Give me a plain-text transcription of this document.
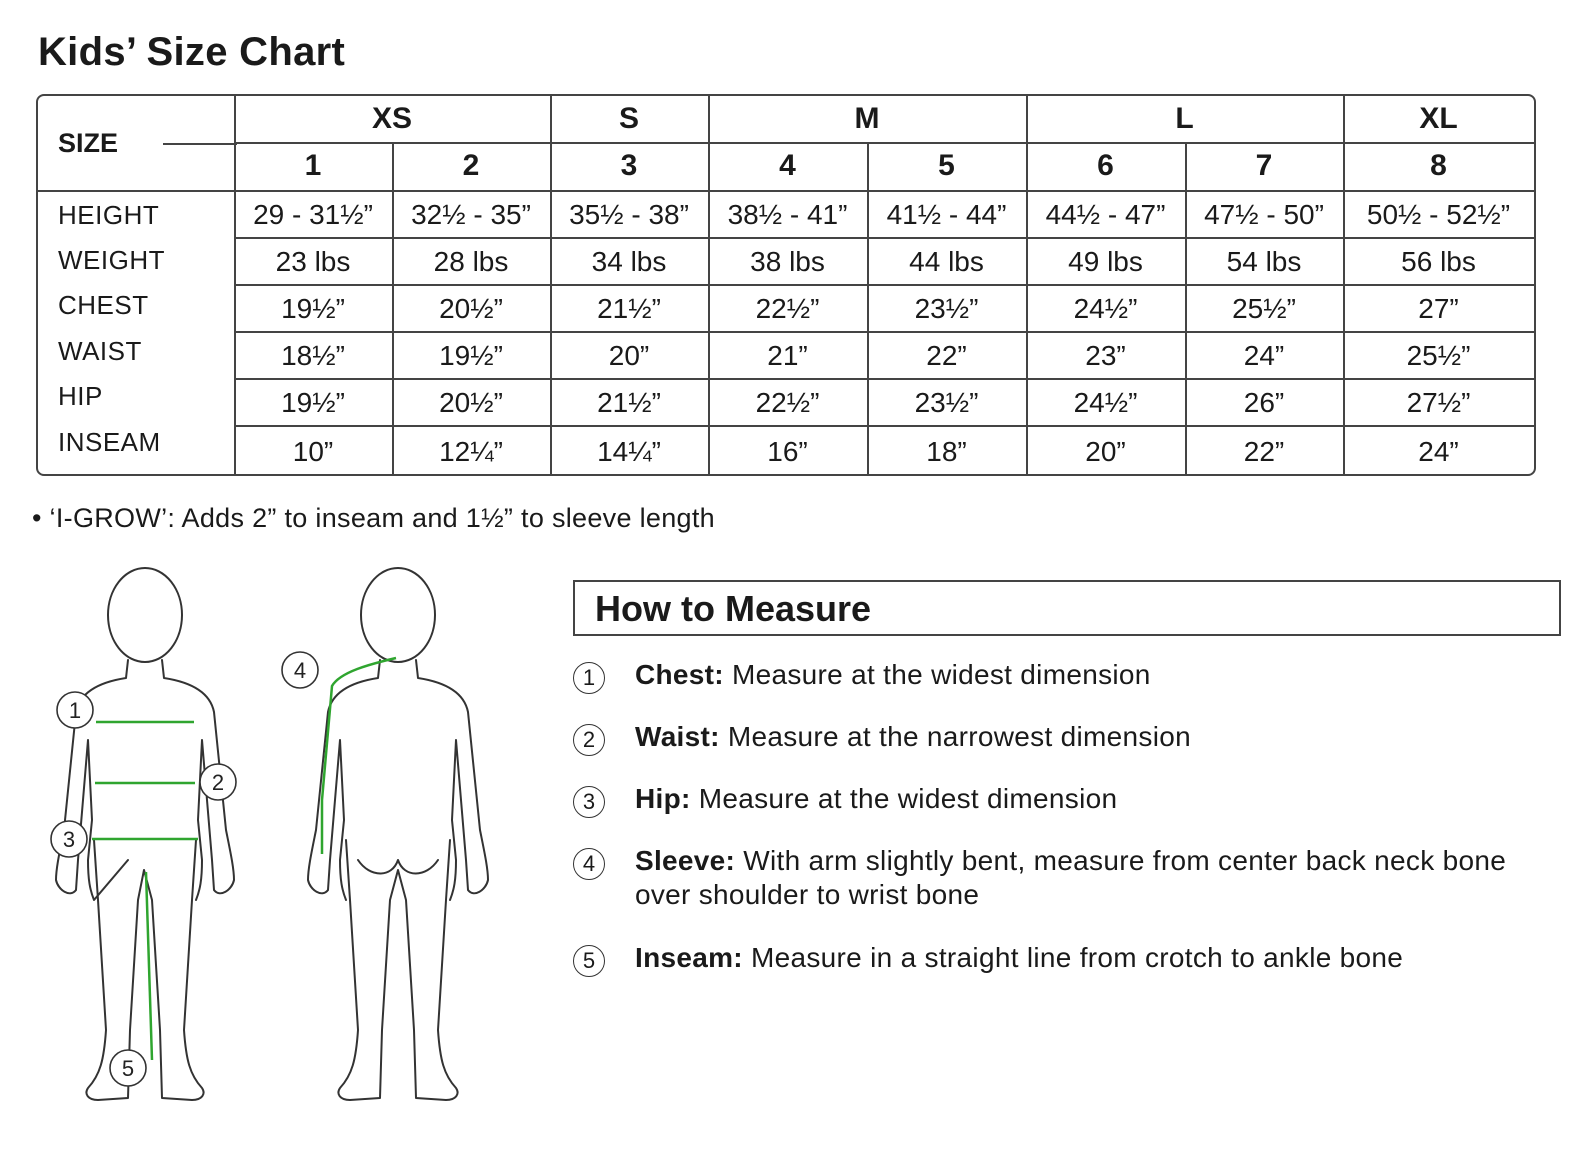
Kids’ Size Chart
SIZE
XS	S	M	L	XL
1	2	3	4	5	6	7	8
HEIGHT	29 - 31½”	32½ - 35”	35½ - 38”	38½ - 41”	41½ - 44”	44½ - 47”	47½ - 50”	50½ - 52½”
WEIGHT	23 lbs	28 lbs	34 lbs	38 lbs	44 lbs	49 lbs	54 lbs	56 lbs
CHEST	19½”	20½”	21½”	22½”	23½”	24½”	25½”	27”
WAIST	18½”	19½”	20”	21”	22”	23”	24”	25½”
HIP	19½”	20½”	21½”	22½”	23½”	24½”	26”	27½”
INSEAM	10”	12¼”	14¼”	16”	18”	20”	22”	24”

• ‘I-GROW’: Adds 2” to inseam and 1½” to sleeve length

1
2
3
4
5
How to Measure
1	Chest: Measure at the widest dimension
2	Waist: Measure at the narrowest dimension
3	Hip: Measure at the widest dimension
4	Sleeve: With arm slightly bent, measure from center back neck bone over shoulder to wrist bone
5	Inseam: Measure in a straight line from crotch to ankle bone
